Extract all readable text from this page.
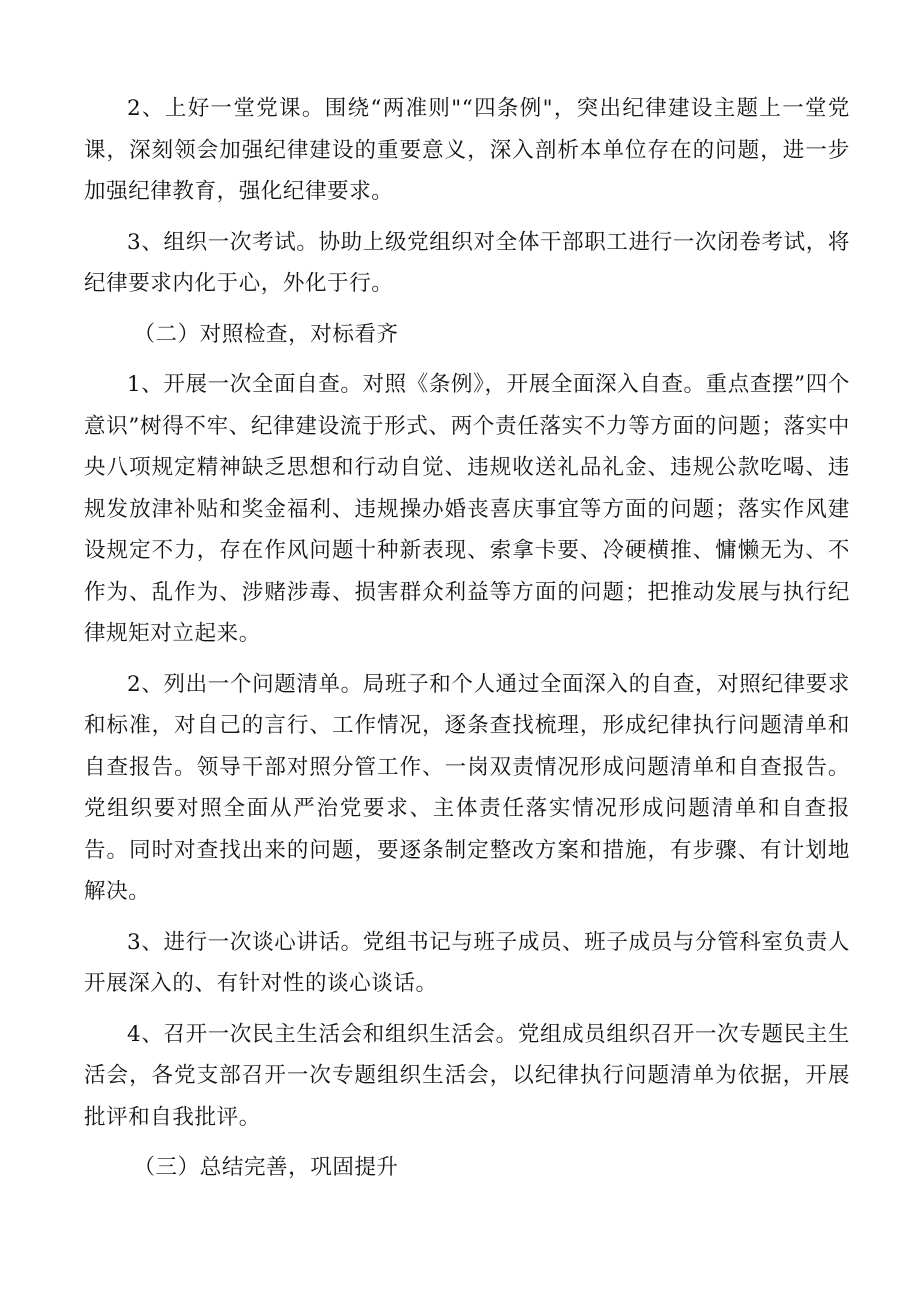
2、上好一堂党课。围绕“两准则"“四条例"，突出纪律建设主题上一堂党课，深刻领会加强纪律建设的重要意义，深入剖析本单位存在的问题，进一步加强纪律教育，强化纪律要求。

3、组织一次考试。协助上级党组织对全体干部职工进行一次闭卷考试，将纪律要求内化于心，外化于行。

（二）对照检查，对标看齐

1、开展一次全面自查。对照《条例》，开展全面深入自查。重点查摆”四个意识”树得不牢、纪律建设流于形式、两个责任落实不力等方面的问题；落实中央八项规定精神缺乏思想和行动自觉、违规收送礼品礼金、违规公款吃喝、违规发放津补贴和奖金福利、违规操办婚丧喜庆事宜等方面的问题；落实作风建设规定不力，存在作风问题十种新表现、索拿卡要、冷硬横推、慵懒无为、不作为、乱作为、涉赌涉毒、损害群众利益等方面的问题；把推动发展与执行纪律规矩对立起来。

2、列出一个问题清单。局班子和个人通过全面深入的自查，对照纪律要求和标准，对自己的言行、工作情况，逐条查找梳理，形成纪律执行问题清单和自查报告。领导干部对照分管工作、一岗双责情况形成问题清单和自查报告。党组织要对照全面从严治党要求、主体责任落实情况形成问题清单和自查报告。同时对查找出来的问题，要逐条制定整改方案和措施，有步骤、有计划地解决。

3、进行一次谈心讲话。党组书记与班子成员、班子成员与分管科室负责人开展深入的、有针对性的谈心谈话。

4、召开一次民主生活会和组织生活会。党组成员组织召开一次专题民主生活会，各党支部召开一次专题组织生活会，以纪律执行问题清单为依据，开展批评和自我批评。

（三）总结完善，巩固提升
